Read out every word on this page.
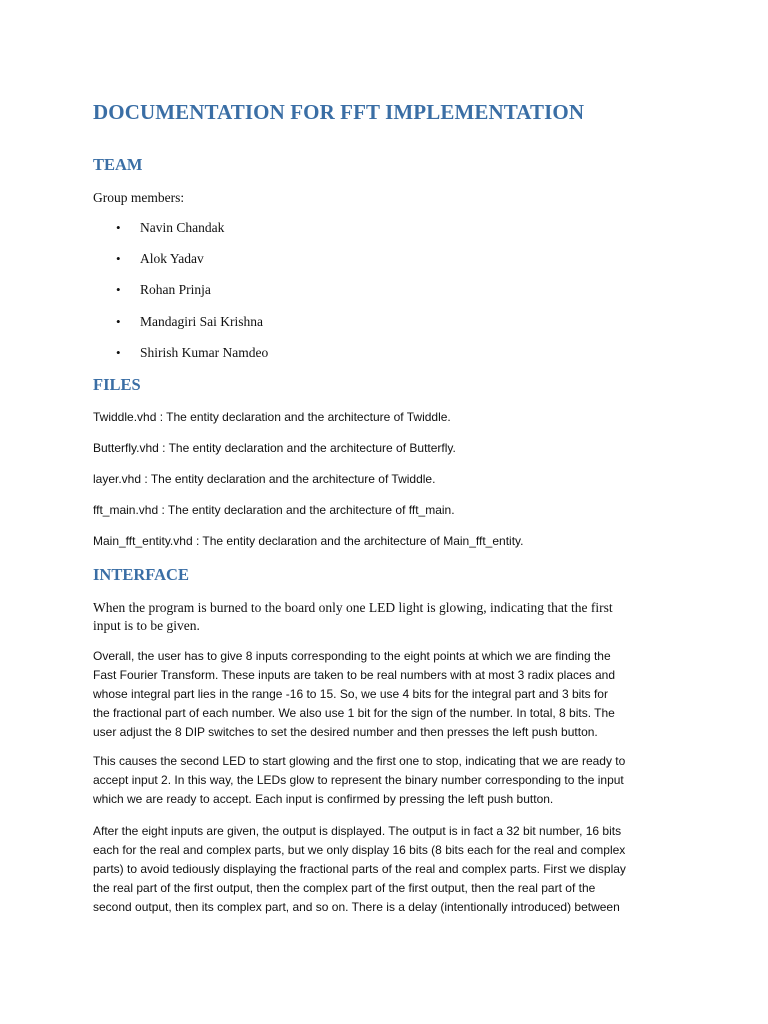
DOCUMENTATION FOR FFT IMPLEMENTATION
TEAM

Group members:

• Navin Chandak
• Alok Yadav
• Rohan Prinja
• Mandagiri Sai Krishna
• Shirish Kumar Namdeo
FILES

Twiddle.vhd : The entity declaration and the architecture of Twiddle.

Butterfly.vhd : The entity declaration and the architecture of Butterfly.

layer.vhd : The entity declaration and the architecture of Twiddle.

fft_main.vhd : The entity declaration and the architecture of fft_main.

Main_fft_entity.vhd : The entity declaration and the architecture of Main_fft_entity.

INTERFACE

When the program is burned to the board only one LED light is glowing, indicating that the first
input is to be given.

Overall, the user has to give 8 inputs corresponding to the eight points at which we are finding the
Fast Fourier Transform. These inputs are taken to be real numbers with at most 3 radix places and
whose integral part lies in the range -16 to 15. So, we use 4 bits for the integral part and 3 bits for
the fractional part of each number. We also use 1 bit for the sign of the number. In total, 8 bits. The
user adjust the 8 DIP switches to set the desired number and then presses the left push button.

This causes the second LED to start glowing and the first one to stop, indicating that we are ready to
accept input 2. In this way, the LEDs glow to represent the binary number corresponding to the input
which we are ready to accept. Each input is confirmed by pressing the left push button.

After the eight inputs are given, the output is displayed. The output is in fact a 32 bit number, 16 bits
each for the real and complex parts, but we only display 16 bits (8 bits each for the real and complex
parts) to avoid tediously displaying the fractional parts of the real and complex parts. First we display
the real part of the first output, then the complex part of the first output, then the real part of the
second output, then its complex part, and so on. There is a delay (intentionally introduced) between
